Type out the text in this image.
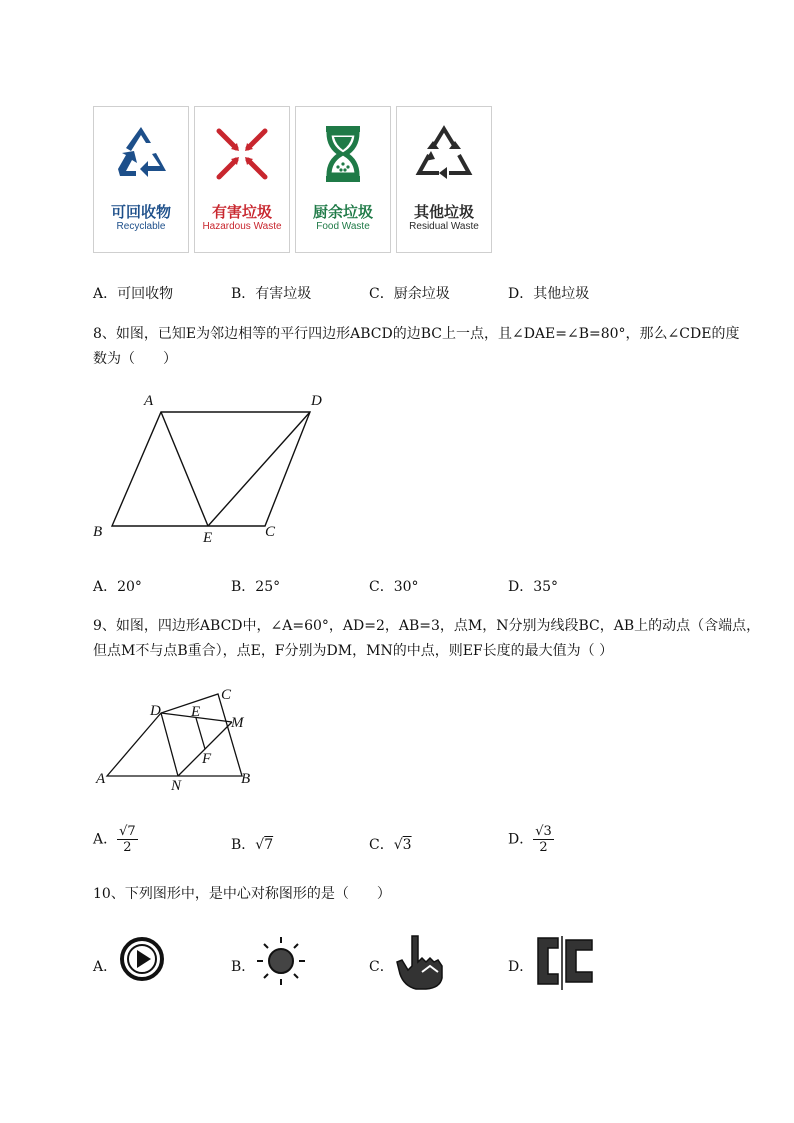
可回收物
Recyclable
有害垃圾
Hazardous Waste
厨余垃圾
Food Waste
其他垃圾
Residual Waste
A．可回收物	B．有害垃圾	C．厨余垃圾	D．其他垃圾
8、如图，已知E为邻边相等的平行四边形ABCD的边BC上一点，且∠DAE=∠B=80°，那么∠CDE的度
数为（　　）
A	D
B	E	C
A．20°	B．25°	C．30°	D．35°
9、如图，四边形ABCD中，∠A=60°，AD=2，AB=3，点M，N分别为线段BC，AB上的动点（含端点，
但点M不与点B重合），点E，F分别为DM，MN的中点，则EF长度的最大值为（ ）
A
D
C
E
M
F
N	B
A． $\frac{√7}{2}$	B．√7	C．√3	D． $\frac{√3}{2}$
10、下列图形中，是中心对称图形的是（　　）
A．	B．	C．	D．
